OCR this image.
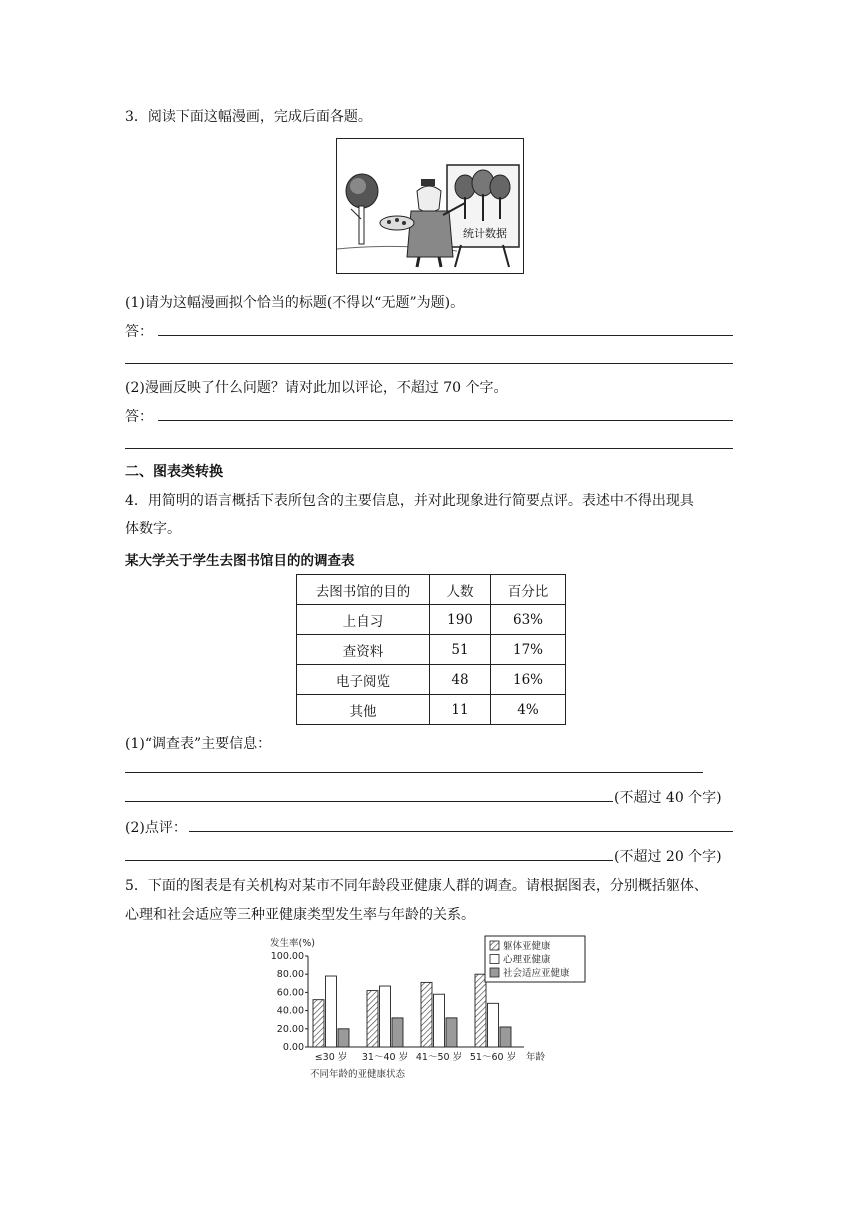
3．阅读下面这幅漫画，完成后面各题。
统计数据
(1)请为这幅漫画拟个恰当的标题(不得以“无题”为题)。
答：
(2)漫画反映了什么问题？请对此加以评论，不超过 70 个字。
答：
二、图表类转换
4．用简明的语言概括下表所包含的主要信息，并对此现象进行简要点评。表述中不得出现具
体数字。
某大学关于学生去图书馆目的的调查表
去图书馆的目的	人数	百分比
上自习	190	63%
查资料	51	17%
电子阅览	48	16%
其他	11	4%
(1)“调查表”主要信息：
(不超过 40 个字)
(2)点评：
(不超过 20 个字)
5．下面的图表是有关机构对某市不同年龄段亚健康人群的调查。请根据图表，分别概括躯体、
心理和社会适应等三种亚健康类型发生率与年龄的关系。
发生率(%)
0.00
20.00
40.00
60.00
80.00
100.00
≤30 岁 31～40 岁 41～50 岁 51～60 岁 年龄
不同年龄的亚健康状态
躯体亚健康
心理亚健康
社会适应亚健康
